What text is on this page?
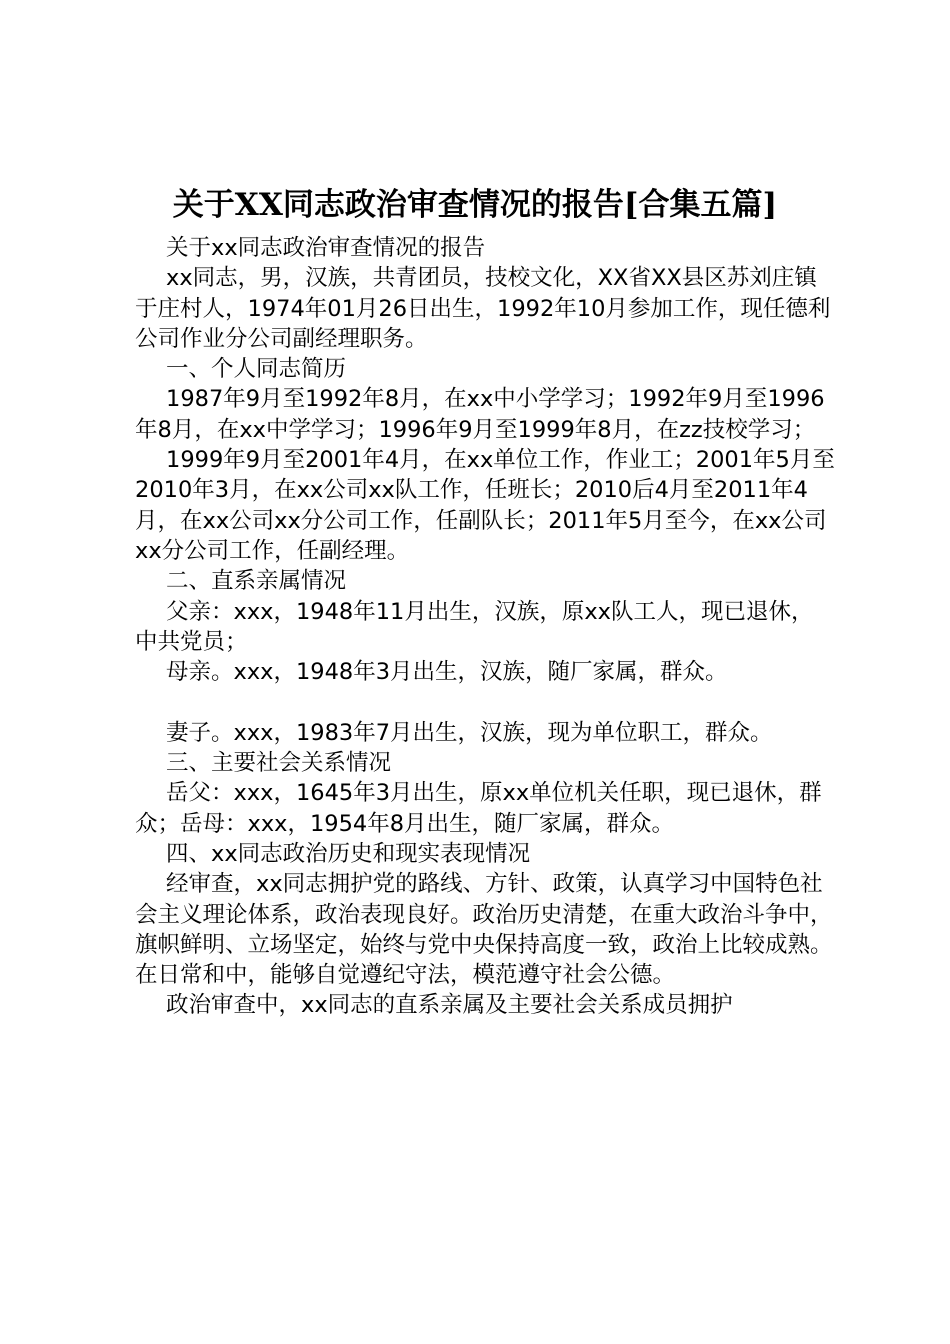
关于XX同志政治审查情况的报告[合集五篇]

关于xx同志政治审查情况的报告

xx同志，男，汉族，共青团员，技校文化，XX省XX县区苏刘庄镇于庄村人，1974年01月26日出生，1992年10月参加工作，现任德利公司作业分公司副经理职务。

一、个人同志简历

1987年9月至1992年8月，在xx中小学学习；1992年9月至1996年8月，在xx中学学习；1996年9月至1999年8月，在zz技校学习；

1999年9月至2001年4月，在xx单位工作，作业工；2001年5月至2010年3月，在xx公司xx队工作，任班长；2010后4月至2011年4月，在xx公司xx分公司工作，任副队长；2011年5月至今，在xx公司xx分公司工作，任副经理。

二、直系亲属情况

父亲：xxx，1948年11月出生，汉族，原xx队工人，现已退休，中共党员；

母亲。xxx，1948年3月出生，汉族，随厂家属，群众。

妻子。xxx，1983年7月出生，汉族，现为单位职工，群众。

三、主要社会关系情况

岳父：xxx，1645年3月出生，原xx单位机关任职，现已退休，群众；岳母：xxx，1954年8月出生，随厂家属，群众。

四、xx同志政治历史和现实表现情况

经审查，xx同志拥护党的路线、方针、政策，认真学习中国特色社会主义理论体系，政治表现良好。政治历史清楚，在重大政治斗争中，旗帜鲜明、立场坚定，始终与党中央保持高度一致，政治上比较成熟。在日常和中，能够自觉遵纪守法，模范遵守社会公德。

政治审查中，xx同志的直系亲属及主要社会关系成员拥护
